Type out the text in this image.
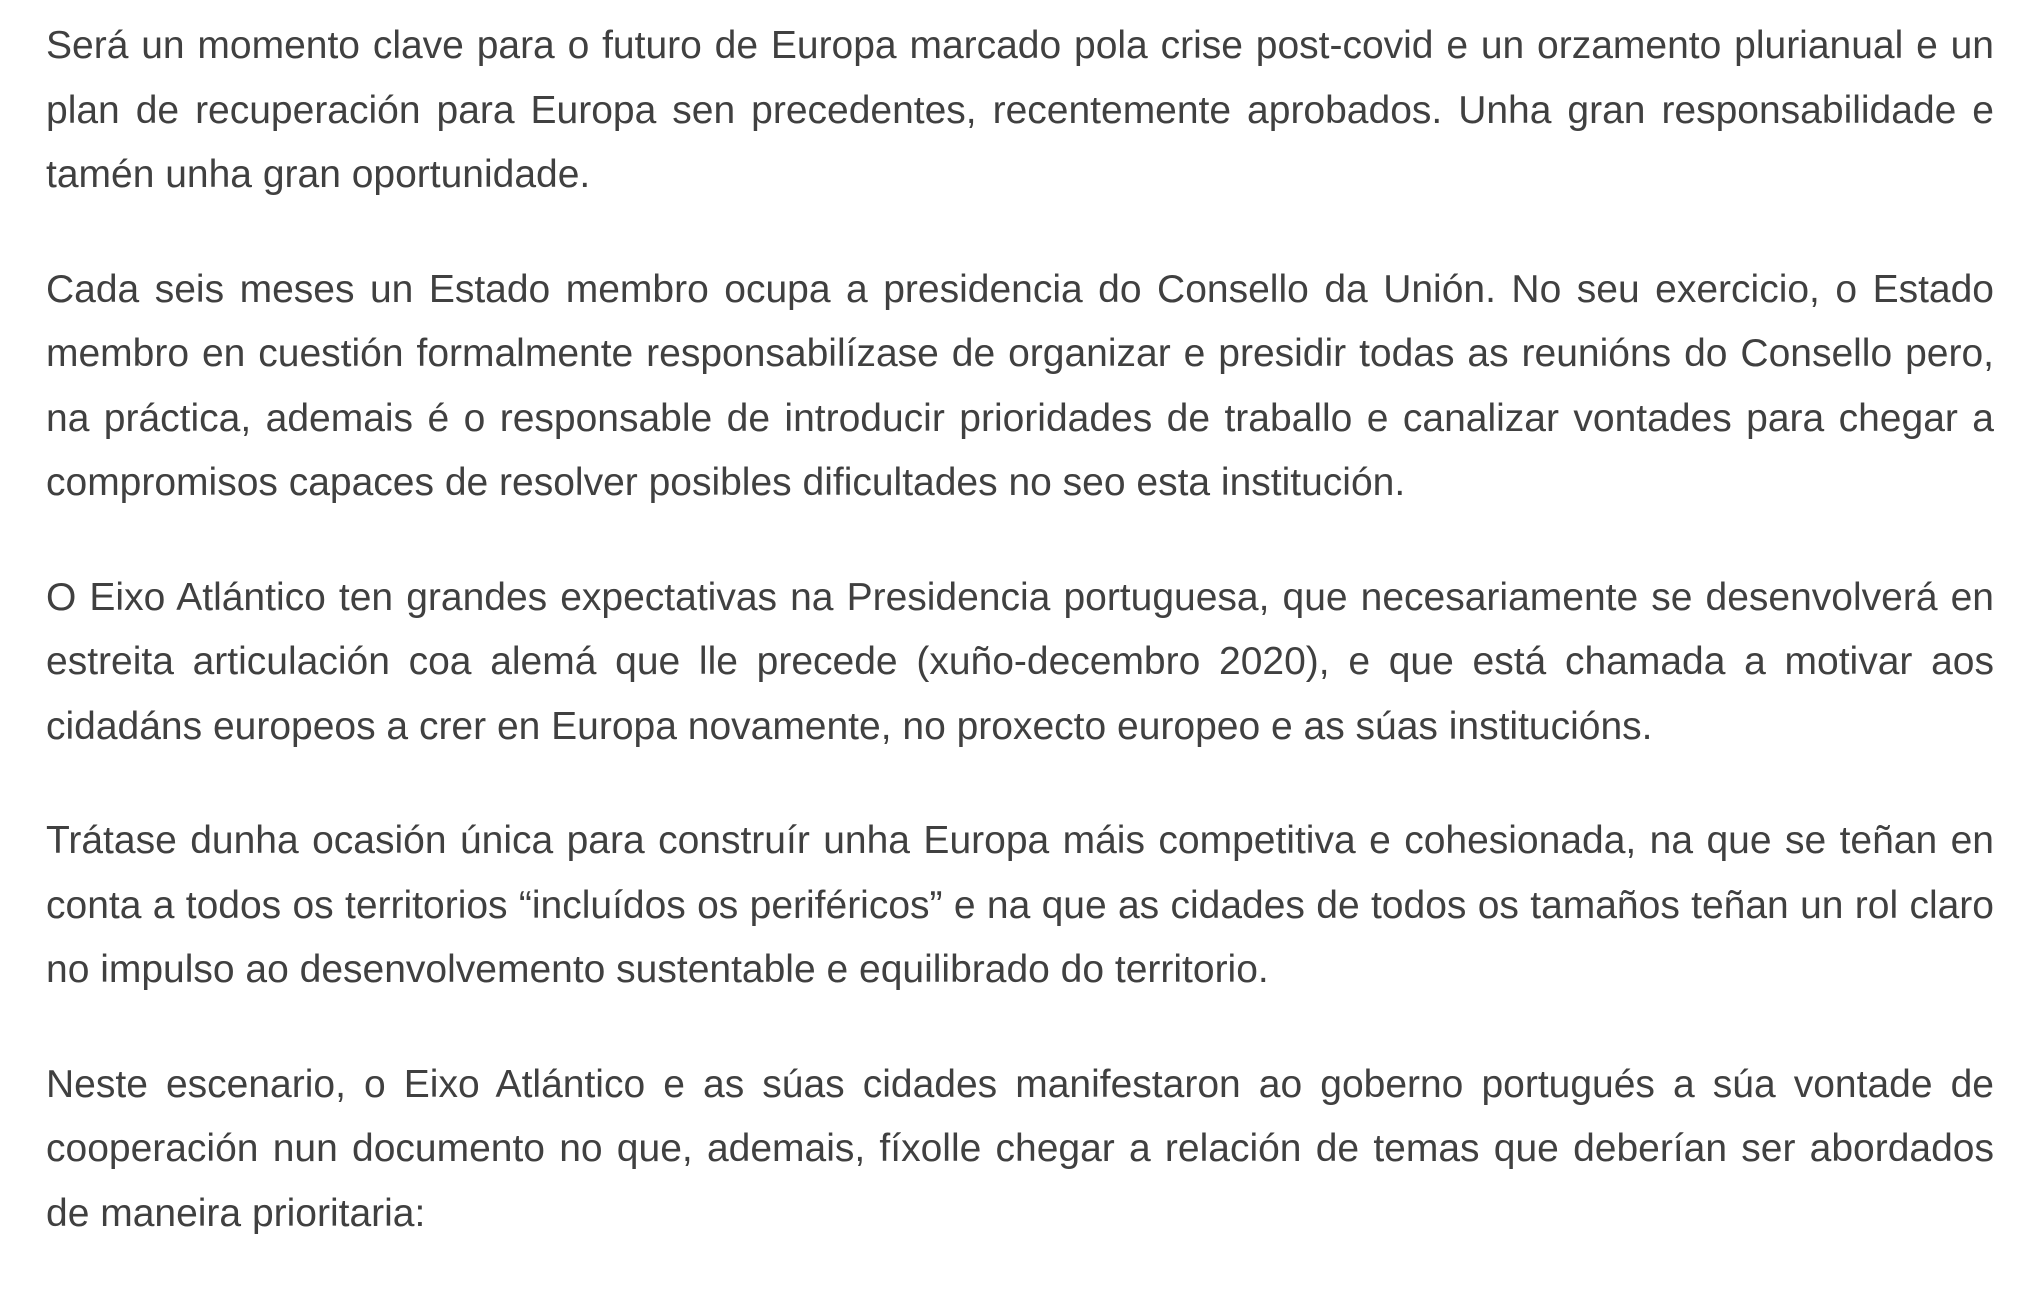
Será un momento clave para o futuro de Europa marcado pola crise post-covid e un orzamento plurianual e un plan de recuperación para Europa sen precedentes, recentemente aprobados. Unha gran responsabilidade e tamén unha gran oportunidade.

Cada seis meses un Estado membro ocupa a presidencia do Consello da Unión. No seu exercicio, o Estado membro en cuestión formalmente responsabilízase de organizar e presidir todas as reunións do Consello pero, na práctica, ademais é o responsable de introducir prioridades de traballo e canalizar vontades para chegar a compromisos capaces de resolver posibles dificultades no seo esta institución.

O Eixo Atlántico ten grandes expectativas na Presidencia portuguesa, que necesariamente se desenvolverá en estreita articulación coa alemá que lle precede (xuño-decembro 2020), e que está chamada a motivar aos cidadáns europeos a crer en Europa novamente, no proxecto europeo e as súas institucións.

Trátase dunha ocasión única para construír unha Europa máis competitiva e cohesionada, na que se teñan en conta a todos os territorios “incluídos os periféricos” e na que as cidades de todos os tamaños teñan un rol claro no impulso ao desenvolvemento sustentable e equilibrado do territorio.

Neste escenario, o Eixo Atlántico e as súas cidades manifestaron ao goberno portugués a súa vontade de cooperación nun documento no que, ademais, fíxolle chegar a relación de temas que deberían ser abordados de maneira prioritaria:
